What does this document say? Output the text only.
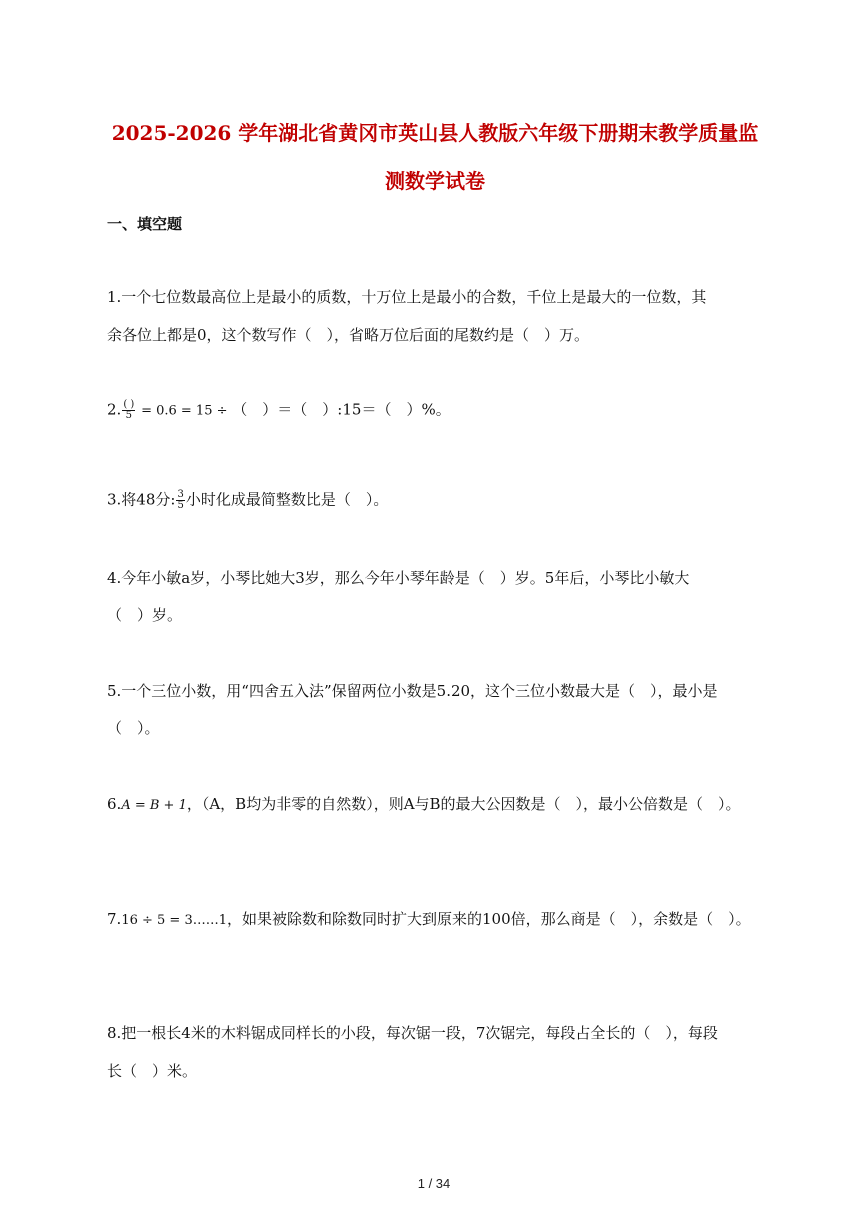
2025-2026 学年湖北省黄冈市英山县人教版六年级下册期末教学质量监
测数学试卷
一、填空题
1.一个七位数最高位上是最小的质数，十万位上是最小的合数，千位上是最大的一位数，其
余各位上都是0，这个数写作（　），省略万位后面的尾数约是（　）万。
2. $\frac{( )}{5} = 0.6 = 15$ ÷ （　）＝（　）:15＝（　）%。
3.将48分: $\frac{3}{5}$ 小时化成最简整数比是（　）。
4.今年小敏a岁，小琴比她大3岁，那么今年小琴年龄是（　）岁。5年后，小琴比小敏大
（　）岁。
5.一个三位小数，用“四舍五入法”保留两位小数是5.20，这个三位小数最大是（　），最小是
（　）。
6.A = B + 1，（A，B均为非零的自然数），则A与B的最大公因数是（　），最小公倍数是（　）。
7.16 ÷ 5 = 3……1，如果被除数和除数同时扩大到原来的100倍，那么商是（　），余数是（　）。
8.把一根长4米的木料锯成同样长的小段，每次锯一段，7次锯完，每段占全长的（　），每段
长（　）米。
1 / 34
